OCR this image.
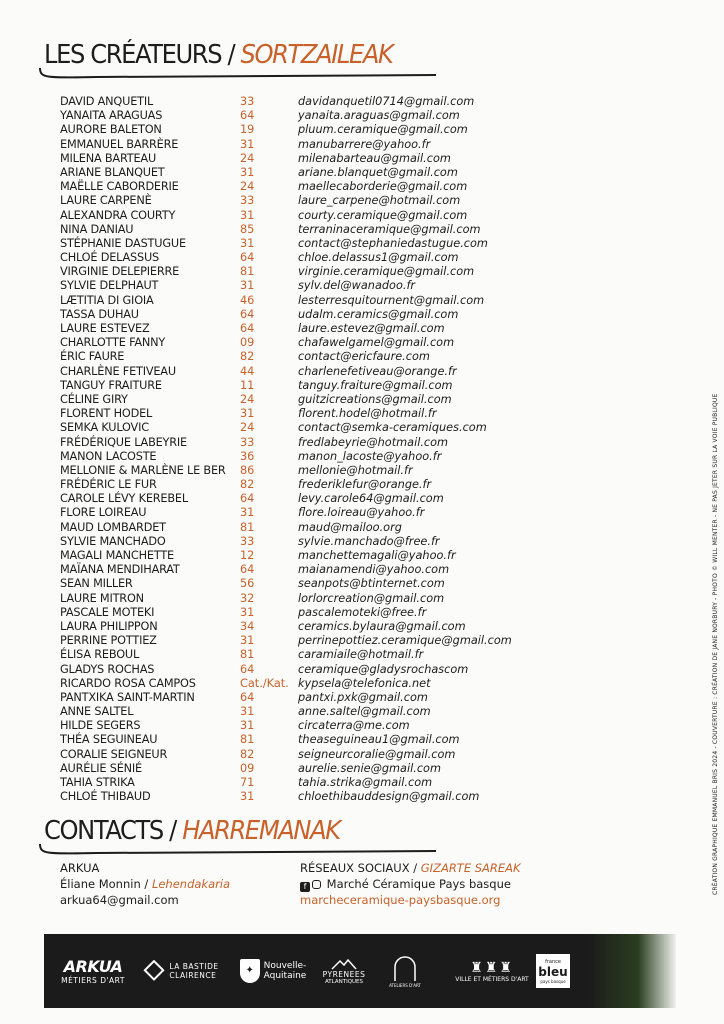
LES CRÉATEURS / SORTZAILEAK
DAVID ANQUETIL	33	davidanquetil0714@gmail.com
YANAITA ARAGUAS	64	yanaita.araguas@gmail.com
AURORE BALETON	19	pluum.ceramique@gmail.com
EMMANUEL BARRÈRE	31	manubarrere@yahoo.fr
MILENA BARTEAU	24	milenabarteau@gmail.com
ARIANE BLANQUET	31	ariane.blanquet@gmail.com
MAËLLE CABORDERIE	24	maellecaborderie@gmail.com
LAURE CARPENÈ	33	laure_carpene@hotmail.com
ALEXANDRA COURTY	31	courty.ceramique@gmail.com
NINA DANIAU	85	terraninaceramique@gmail.com
STÉPHANIE DASTUGUE	31	contact@stephaniedastugue.com
CHLOÉ DELASSUS	64	chloe.delassus1@gmail.com
VIRGINIE DELEPIERRE	81	virginie.ceramique@gmail.com
SYLVIE DELPHAUT	31	sylv.del@wanadoo.fr
LÆTITIA DI GIOIA	46	lesterresquitournent@gmail.com
TASSA DUHAU	64	udalm.ceramics@gmail.com
LAURE ESTEVEZ	64	laure.estevez@gmail.com
CHARLOTTE FANNY	09	chafawelgamel@gmail.com
ÉRIC FAURE	82	contact@ericfaure.com
CHARLÈNE FETIVEAU	44	charlenefetiveau@orange.fr
TANGUY FRAITURE	11	tanguy.fraiture@gmail.com
CÉLINE GIRY	24	guitzicreations@gmail.com
FLORENT HODEL	31	florent.hodel@hotmail.fr
SEMKA KULOVIC	24	contact@semka-ceramiques.com
FRÉDÉRIQUE LABEYRIE	33	fredlabeyrie@hotmail.com
MANON LACOSTE	36	manon_lacoste@yahoo.fr
MELLONIE & MARLÈNE LE BER	86	mellonie@hotmail.fr
FRÉDÉRIC LE FUR	82	frederiklefur@orange.fr
CAROLE LÉVY KEREBEL	64	levy.carole64@gmail.com
FLORE LOIREAU	31	flore.loireau@yahoo.fr
MAUD LOMBARDET	81	maud@mailoo.org
SYLVIE MANCHADO	33	sylvie.manchado@free.fr
MAGALI MANCHETTE	12	manchettemagali@yahoo.fr
MAÏANA MENDIHARAT	64	maianamendi@yahoo.com
SEAN MILLER	56	seanpots@btinternet.com
LAURE MITRON	32	lorlorcreation@gmail.com
PASCALE MOTEKI	31	pascalemoteki@free.fr
LAURA PHILIPPON	34	ceramics.bylaura@gmail.com
PERRINE POTTIEZ	31	perrinepottiez.ceramique@gmail.com
ÉLISA REBOUL	81	caramiaile@hotmail.fr
GLADYS ROCHAS	64	ceramique@gladysrochascom
RICARDO ROSA CAMPOS	Cat./Kat. kypsela@telefonica.net
PANTXIKA SAINT-MARTIN	64	pantxi.pxk@gmail.com
ANNE SALTEL	31	anne.saltel@gmail.com
HILDE SEGERS	31	circaterra@me.com
THÉA SEGUINEAU	81	theaseguineau1@gmail.com
CORALIE SEIGNEUR	82	seigneurcoralie@gmail.com
AURÉLIE SÉNIÉ	09	aurelie.senie@gmail.com
TAHIA STRIKA	71	tahia.strika@gmail.com
CHLOÉ THIBAUD	31	chloethibauddesign@gmail.com
CONTACTS / HARREMANAK
ARKUA
Éliane Monnin / Lehendakaria
arkua64@gmail.com
RÉSEAUX SOCIAUX / GIZARTE SAREAK
f Marché Céramique Pays basque
marcheceramique-paysbasque.org
CRÉATION GRAPHIQUE EMMANUEL BRIS 2024 - COUVERTURE : CRÉATION DE JANE NORBURY - PHOTO © WILL MENTER - NE PAS JETER SUR LA VOIE PUBLIQUE
ARKUA
MÉTIERS D'ART
LA BASTIDE
CLAIRENCE	✦	Nouvelle-
Aquitaine PYRENEES
ATLANTIQUES
ATELIERS D'ART
♜♜♜
VILLE ET MÉTIERS D'ART
france
bleu
pays basque
